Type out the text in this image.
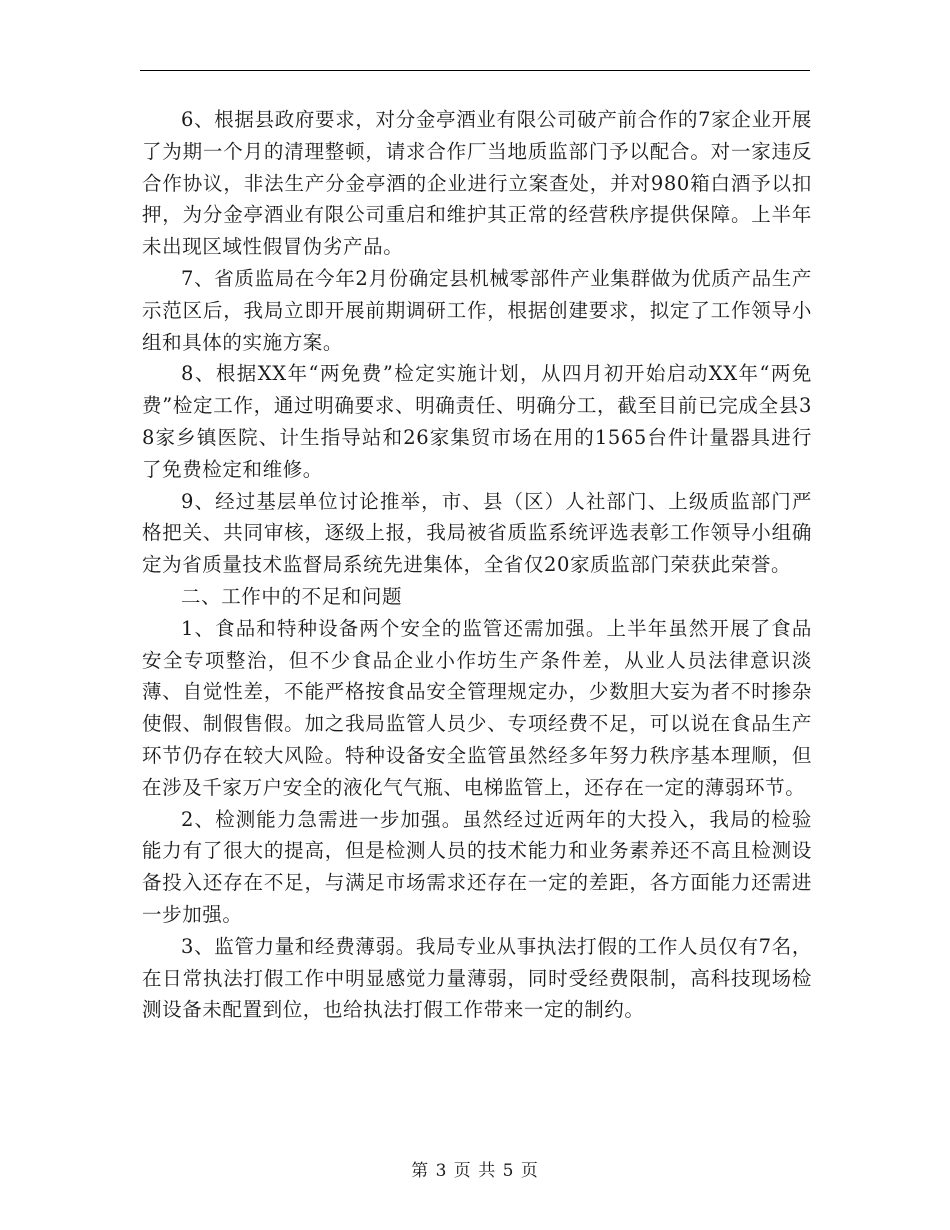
6、根据县政府要求，对分金亭酒业有限公司破产前合作的7家企业开展了为期一个月的清理整顿，请求合作厂当地质监部门予以配合。对一家违反合作协议，非法生产分金亭酒的企业进行立案查处，并对980箱白酒予以扣押，为分金亭酒业有限公司重启和维护其正常的经营秩序提供保障。上半年未出现区域性假冒伪劣产品。

7、省质监局在今年2月份确定县机械零部件产业集群做为优质产品生产示范区后，我局立即开展前期调研工作，根据创建要求，拟定了工作领导小组和具体的实施方案。

8、根据XX年“两免费”检定实施计划，从四月初开始启动XX年“两免费”检定工作，通过明确要求、明确责任、明确分工，截至目前已完成全县38家乡镇医院、计生指导站和26家集贸市场在用的1565台件计量器具进行了免费检定和维修。

9、经过基层单位讨论推举，市、县（区）人社部门、上级质监部门严格把关、共同审核，逐级上报，我局被省质监系统评选表彰工作领导小组确定为省质量技术监督局系统先进集体，全省仅20家质监部门荣获此荣誉。

二、工作中的不足和问题

1、食品和特种设备两个安全的监管还需加强。上半年虽然开展了食品安全专项整治，但不少食品企业小作坊生产条件差，从业人员法律意识淡薄、自觉性差，不能严格按食品安全管理规定办，少数胆大妄为者不时掺杂使假、制假售假。加之我局监管人员少、专项经费不足，可以说在食品生产环节仍存在较大风险。特种设备安全监管虽然经多年努力秩序基本理顺，但在涉及千家万户安全的液化气气瓶、电梯监管上，还存在一定的薄弱环节。

2、检测能力急需进一步加强。虽然经过近两年的大投入，我局的检验能力有了很大的提高，但是检测人员的技术能力和业务素养还不高且检测设备投入还存在不足，与满足市场需求还存在一定的差距，各方面能力还需进一步加强。

3、监管力量和经费薄弱。我局专业从事执法打假的工作人员仅有7名，在日常执法打假工作中明显感觉力量薄弱，同时受经费限制，高科技现场检测设备未配置到位，也给执法打假工作带来一定的制约。

第 3 页 共 5 页
